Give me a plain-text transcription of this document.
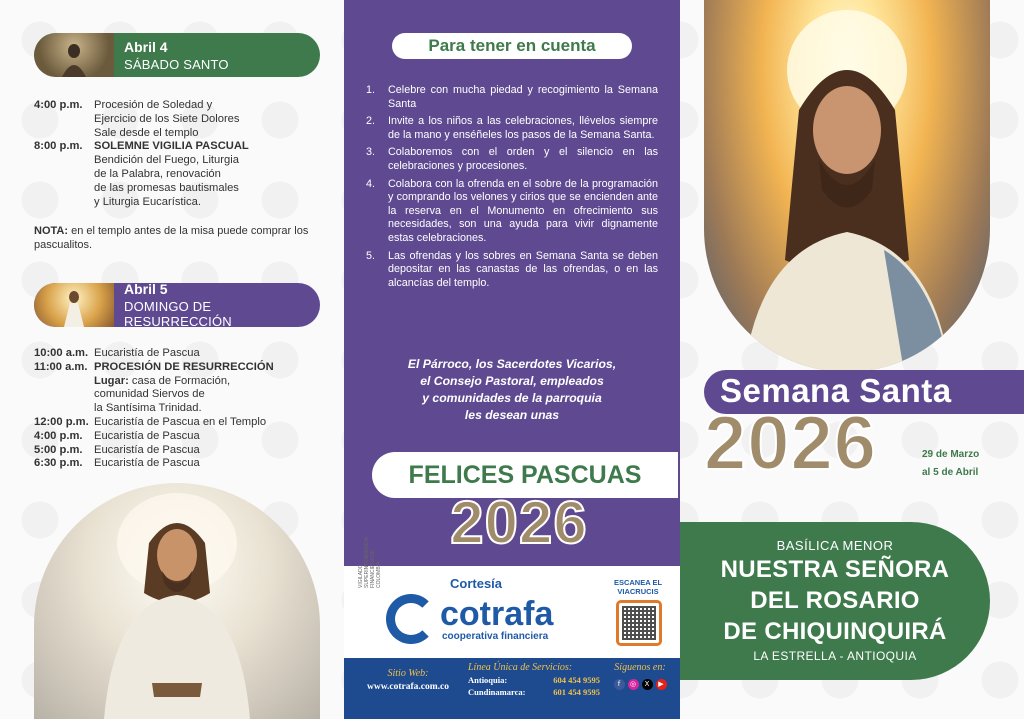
Abril 4
SÁBADO SANTO
4:00 p.m.	Procesión de Soledad y
Ejercicio de los Siete Dolores
Sale desde el templo
8:00 p.m.	SOLEMNE VIGILIA PASCUAL
Bendición del Fuego, Liturgia
de la Palabra, renovación
de las promesas bautismales
y Liturgia Eucarística.
NOTA: en el templo antes de la misa puede comprar los pascualitos.
Abril 5
DOMINGO DE RESURRECCIÓN
10:00 a.m. Eucaristía de Pascua
11:00 a.m. PROCESIÓN DE RESURRECCIÓN
Lugar: casa de Formación,
comunidad Siervos de
la Santísima Trinidad.
12:00 p.m. Eucaristía de Pascua en el Templo
4:00 p.m.	Eucaristía de Pascua
5:00 p.m.	Eucaristía de Pascua
6:30 p.m.	Eucaristía de Pascua
Para tener en cuenta
1.	Celebre con mucha piedad y recogimiento la Semana Santa
2.	Invite a los niños a las celebraciones, llévelos siempre de la mano y enséñeles los pasos de la Semana Santa.
3.	Colaboremos con el orden y el silencio en las celebraciones y procesiones.
4.	Colabora con la ofrenda en el sobre de la programación y comprando los velones y cirios que se encienden ante la reserva en el Monumento en ofrecimiento sus necesidades, son una ayuda para vivir dignamente estas celebraciones.
5.	Las ofrendas y los sobres en Semana Santa se deben depositar en las canastas de las ofrendas, o en las alcancías del templo.
El Párroco, los Sacerdotes Vicarios,
el Consejo Pastoral, empleados
y comunidades de la parroquia
les desean unas
FELICES PASCUAS
2026
VIGILADO SUPERINTENDENCIA FINANCIERA DE COLOMBIA	Cortesía
cotrafa
cooperativa financiera
ESCANEA EL VIACRUCIS
Sitio Web:
www.cotrafa.com.co
Línea Única de Servicios:
Antioquia:	604 454 9595
Cundinamarca:	601 454 9595
Síguenos en:
f	◎	X	▶
Semana Santa
2026	29 de Marzo
al 5 de Abril
BASÍLICA MENOR
NUESTRA SEÑORA
DEL ROSARIO
DE CHIQUINQUIRÁ
LA ESTRELLA - ANTIOQUIA
